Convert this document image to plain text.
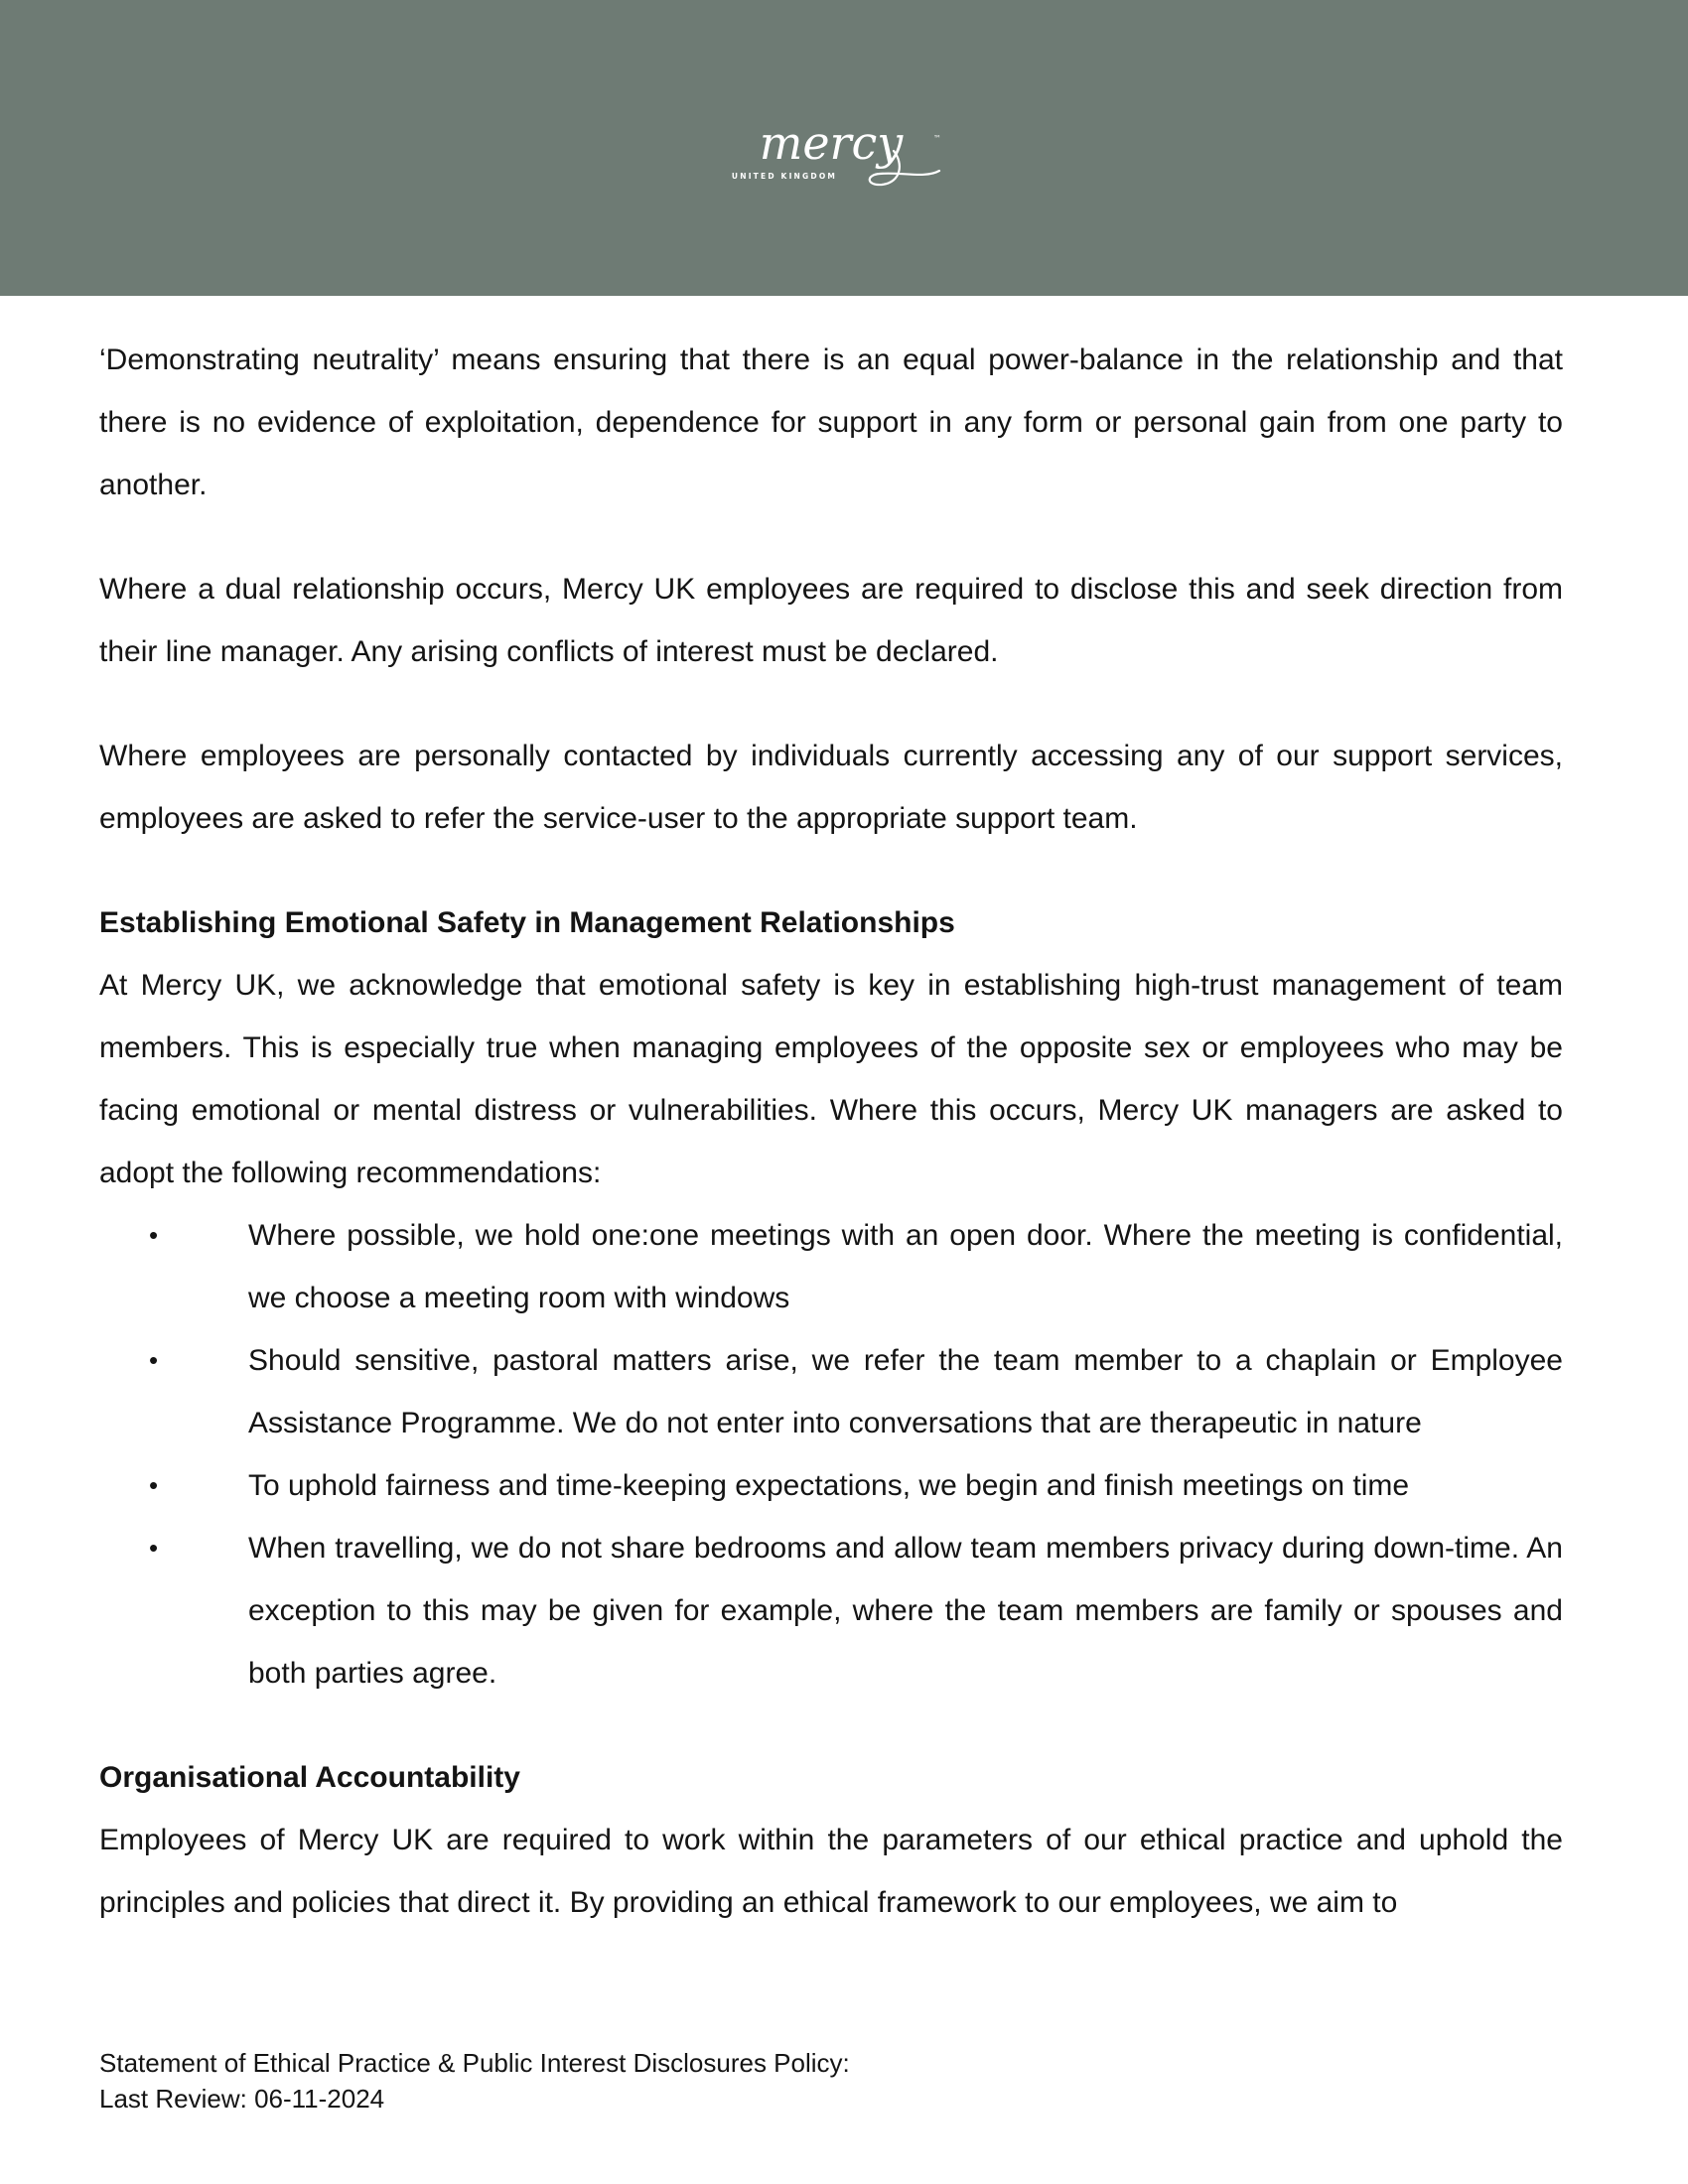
mercy	™
UNITED KINGDOM

‘Demonstrating neutrality’ means ensuring that there is an equal power-balance in the relationship and that there is no evidence of exploitation, dependence for support in any form or personal gain from one party to another.

Where a dual relationship occurs, Mercy UK employees are required to disclose this and seek direction from their line manager. Any arising conflicts of interest must be declared.

Where employees are personally contacted by individuals currently accessing any of our support services, employees are asked to refer the service-user to the appropriate support team.

Establishing Emotional Safety in Management Relationships

At Mercy UK, we acknowledge that emotional safety is key in establishing high-trust management of team members. This is especially true when managing employees of the opposite sex or employees who may be facing emotional or mental distress or vulnerabilities. Where this occurs, Mercy UK managers are asked to adopt the following recommendations:

•	Where possible, we hold one:one meetings with an open door. Where the meeting is confidential, we choose a meeting room with windows
•	Should sensitive, pastoral matters arise, we refer the team member to a chaplain or Employee Assistance Programme. We do not enter into conversations that are therapeutic in nature
•	To uphold fairness and time-keeping expectations, we begin and finish meetings on time
•	When travelling, we do not share bedrooms and allow team members privacy during down-time. An exception to this may be given for example, where the team members are family or spouses and both parties agree.
Organisational Accountability

Employees of Mercy UK are required to work within the parameters of our ethical practice and uphold the principles and policies that direct it. By providing an ethical framework to our employees, we aim to

Statement of Ethical Practice & Public Interest Disclosures Policy:
Last Review: 06-11-2024
